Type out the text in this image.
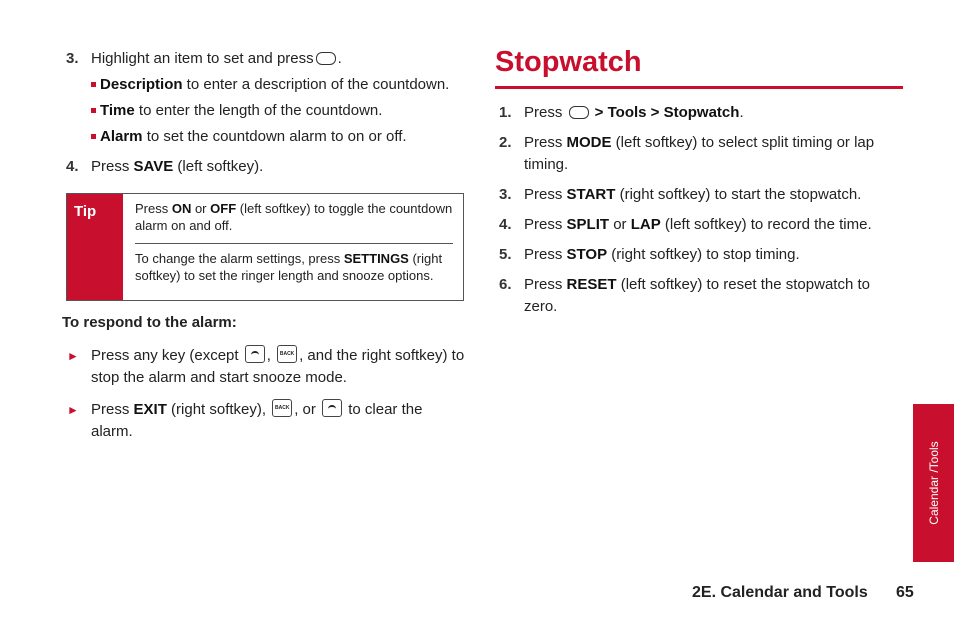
3. Highlight an item to set and press .
Description to enter a description of the countdown.
Time to enter the length of the countdown.
Alarm to set the countdown alarm to on or off.
4. Press SAVE (left softkey).
Tip	Press ON or OFF (left softkey) to toggle the countdown alarm on and off.
To change the alarm settings, press SETTINGS (right softkey) to set the ringer length and snooze options.
To respond to the alarm:
► Press any key (except , BACK , and the right softkey) to stop the alarm and start snooze mode.
► Press EXIT (right softkey), BACK , or  to clear the alarm.
Stopwatch
1. Press  > Tools > Stopwatch.
2. Press MODE (left softkey) to select split timing or lap timing.
3. Press START (right softkey) to start the stopwatch.
4. Press SPLIT or LAP (left softkey) to record the time.
5. Press STOP (right softkey) to stop timing.
6. Press RESET (left softkey) to reset the stopwatch to zero.
Calendar /Tools
2E. Calendar and Tools 65
